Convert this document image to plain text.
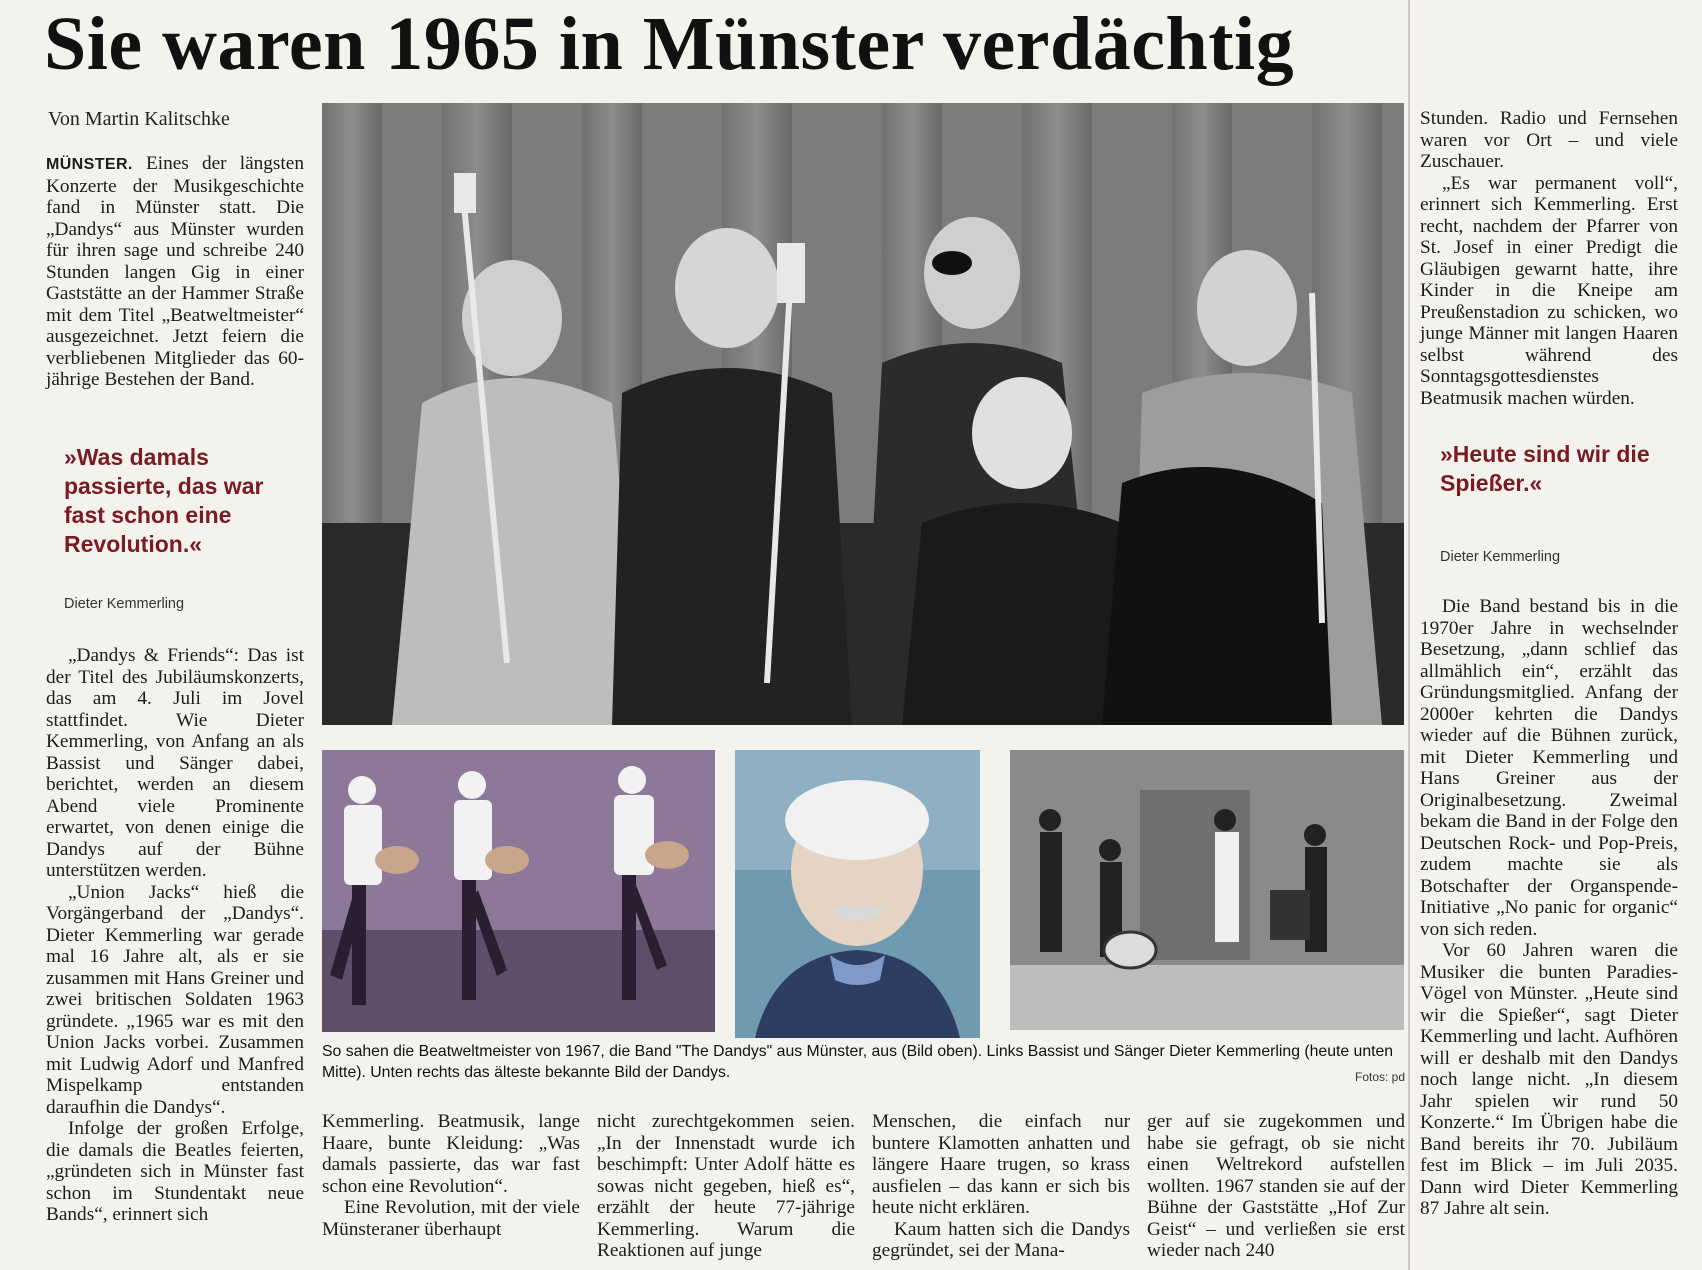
Sie waren 1965 in Münster verdächtig
Von Martin Kalitschke

MÜNSTER. Eines der längsten Konzerte der Musikgeschichte fand in Münster statt. Die „Dandys“ aus Münster wurden für ihren sage und schreibe 240 Stunden langen Gig in einer Gaststätte an der Hammer Straße mit dem Titel „Beatweltmeister“ ausgezeichnet. Jetzt feiern die verbliebenen Mitglieder das 60-jährige Bestehen der Band.

»Was damals passierte, das war fast schon eine Revolution.«
Dieter Kemmerling

„Dandys & Friends“: Das ist der Titel des Jubiläumskonzerts, das am 4. Juli im Jovel stattfindet. Wie Dieter Kemmerling, von Anfang an als Bassist und Sänger dabei, berichtet, werden an diesem Abend viele Prominente erwartet, von denen einige die Dandys auf der Bühne unterstützen werden.

„Union Jacks“ hieß die Vorgängerband der „Dandys“. Dieter Kemmerling war gerade mal 16 Jahre alt, als er sie zusammen mit Hans Greiner und zwei britischen Soldaten 1963 gründete. „1965 war es mit den Union Jacks vorbei. Zusammen mit Ludwig Adorf und Manfred Mispelkamp entstanden daraufhin die Dandys“.

Infolge der großen Erfolge, die damals die Beatles feierten, „gründeten sich in Münster fast schon im Stundentakt neue Bands“, erinnert sich

So sahen die Beatweltmeister von 1967, die Band "The Dandys" aus Münster, aus (Bild oben). Links Bassist und Sänger Dieter Kemmerling (heute unten Mitte). Unten rechts das älteste bekannte Bild der Dandys.	Fotos: pd

Kemmerling. Beatmusik, lange Haare, bunte Kleidung: „Was damals passierte, das war fast schon eine Revolution“.

Eine Revolution, mit der viele Münsteraner überhaupt

nicht zurechtgekommen seien. „In der Innenstadt wurde ich beschimpft: Unter Adolf hätte es sowas nicht gegeben, hieß es“, erzählt der heute 77-jährige Kemmerling. Warum die Reaktionen auf junge

Menschen, die einfach nur buntere Klamotten anhatten und längere Haare trugen, so krass ausfielen – das kann er sich bis heute nicht erklären.

Kaum hatten sich die Dandys gegründet, sei der Mana-

ger auf sie zugekommen und habe sie gefragt, ob sie nicht einen Weltrekord aufstellen wollten. 1967 standen sie auf der Bühne der Gaststätte „Hof Zur Geist“ – und verließen sie erst wieder nach 240

Stunden. Radio und Fernsehen waren vor Ort – und viele Zuschauer.

„Es war permanent voll“, erinnert sich Kemmerling. Erst recht, nachdem der Pfarrer von St. Josef in einer Predigt die Gläubigen gewarnt hatte, ihre Kinder in die Kneipe am Preußenstadion zu schicken, wo junge Männer mit langen Haaren selbst während des Sonntagsgottesdienstes Beatmusik machen würden.

»Heute sind wir die Spießer.«
Dieter Kemmerling

Die Band bestand bis in die 1970er Jahre in wechselnder Besetzung, „dann schlief das allmählich ein“, erzählt das Gründungsmitglied. Anfang der 2000er kehrten die Dandys wieder auf die Bühnen zurück, mit Dieter Kemmerling und Hans Greiner aus der Originalbesetzung. Zweimal bekam die Band in der Folge den Deutschen Rock- und Pop-Preis, zudem machte sie als Botschafter der Organspende-Initiative „No panic for organic“ von sich reden.

Vor 60 Jahren waren die Musiker die bunten Paradies-Vögel von Münster. „Heute sind wir die Spießer“, sagt Dieter Kemmerling und lacht. Aufhören will er deshalb mit den Dandys noch lange nicht. „In diesem Jahr spielen wir rund 50 Konzerte.“ Im Übrigen habe die Band bereits ihr 70. Jubiläum fest im Blick – im Juli 2035. Dann wird Dieter Kemmerling 87 Jahre alt sein.
